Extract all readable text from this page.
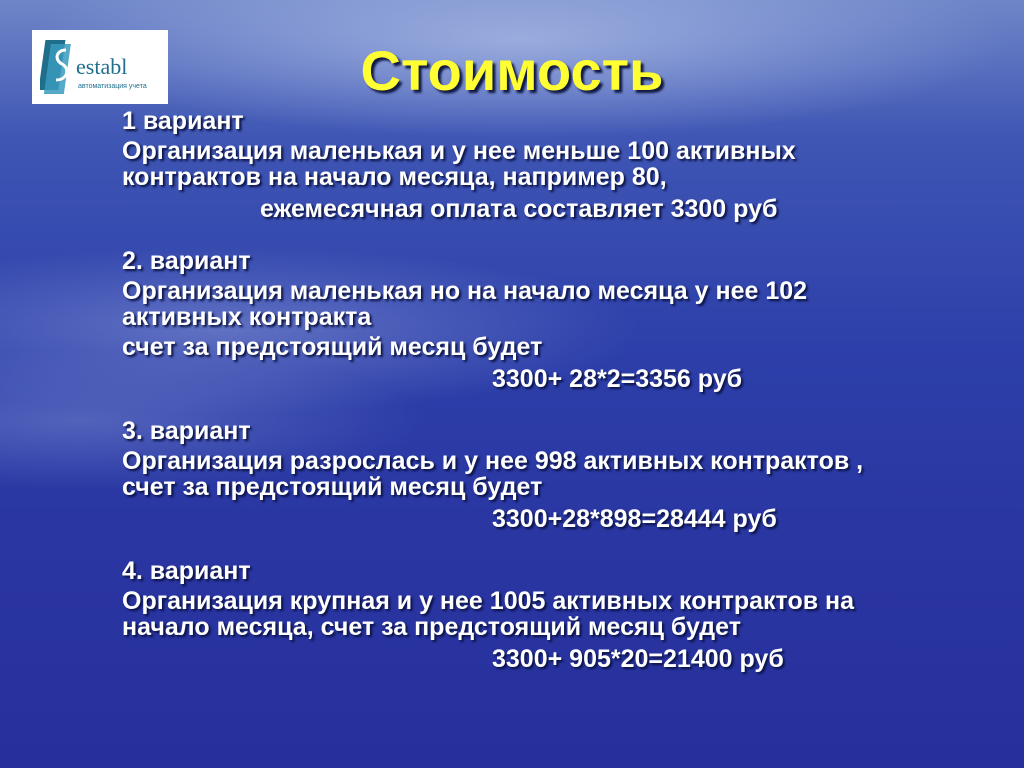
establ
автоматизация учета	Стоимость
1 вариант
Организация маленькая и у нее меньше 100 активных
контрактов на начало месяца, например 80,
ежемесячная оплата составляет 3300 руб
2. вариант
Организация маленькая но на начало месяца у нее 102
активных контракта
счет за предстоящий месяц будет
3300+ 28*2=3356 руб
3. вариант
Организация разрослась и у нее 998 активных контрактов ,
счет за предстоящий месяц будет
3300+28*898=28444 руб
4. вариант
Организация крупная и у нее 1005 активных контрактов на
начало месяца, счет за предстоящий месяц будет
3300+ 905*20=21400 руб
